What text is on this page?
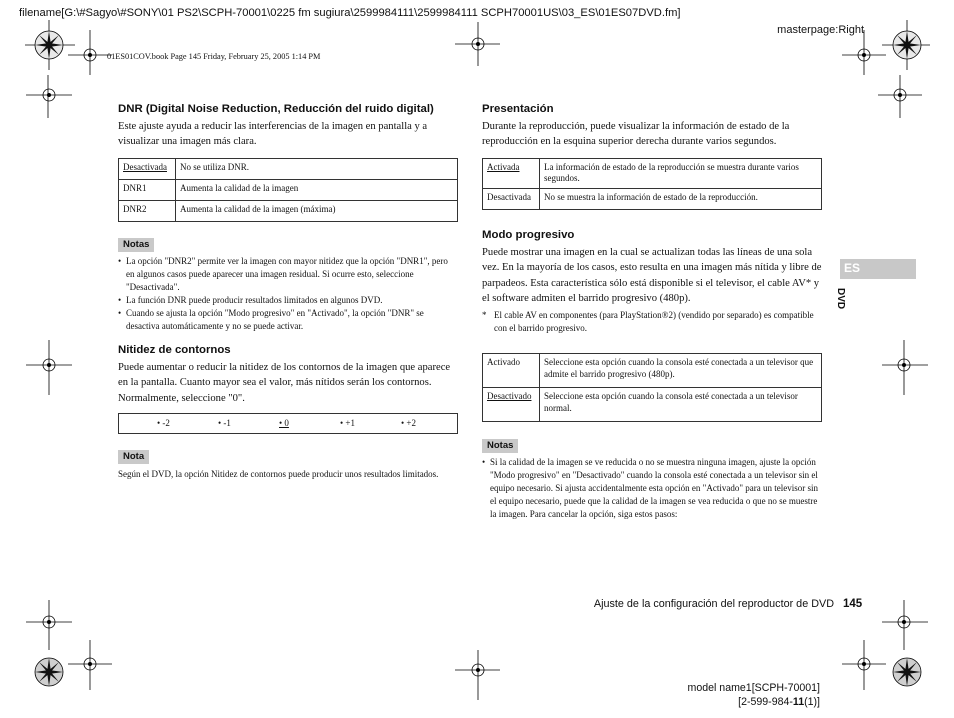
filename[G:\#Sagyo\#SONY\01 PS2\SCPH-70001\0225 fm sugiura\2599984111\2599984111 SCPH70001US\03_ES\01ES07DVD.fm]
masterpage:Right
01ES01COV.book Page 145 Friday, February 25, 2005 1:14 PM
DNR (Digital Noise Reduction, Reducción del ruido digital)

Este ajuste ayuda a reducir las interferencias de la imagen en pantalla y a visualizar una imagen más clara.

Desactivada	No se utiliza DNR.
DNR1	Aumenta la calidad de la imagen
DNR2	Aumenta la calidad de la imagen (máxima)
Notas
• La opción "DNR2" permite ver la imagen con mayor nitidez que la opción "DNR1", pero en algunos casos puede aparecer una imagen residual. Si ocurre esto, seleccione "Desactivada".
• La función DNR puede producir resultados limitados en algunos DVD.
• Cuando se ajusta la opción "Modo progresivo" en "Activado", la opción "DNR" se desactiva automáticamente y no se puede activar.
Nitidez de contornos

Puede aumentar o reducir la nitidez de los contornos de la imagen que aparece en la pantalla. Cuanto mayor sea el valor, más nítidos serán los contornos. Normalmente, seleccione "0".

• -2	• -1	• 0	• +1	• +2
Nota

Según el DVD, la opción Nitidez de contornos puede producir unos resultados limitados.

Presentación

Durante la reproducción, puede visualizar la información de estado de la reproducción en la esquina superior derecha durante varios segundos.

Activada	La información de estado de la reproducción se muestra durante varios segundos.
Desactivada	No se muestra la información de estado de la reproducción.
Modo progresivo

Puede mostrar una imagen en la cual se actualizan todas las líneas de una sola vez. En la mayoría de los casos, esto resulta en una imagen más nítida y libre de parpadeos. Esta característica sólo está disponible si el televisor, el cable AV* y el software admiten el barrido progresivo (480p).

* El cable AV en componentes (para PlayStation®2) (vendido por separado) es compatible con el barrido progresivo.
Activado	Seleccione esta opción cuando la consola esté conectada a un televisor que admite el barrido progresivo (480p).
Desactivado	Seleccione esta opción cuando la consola esté conectada a un televisor normal.
Notas
• Si la calidad de la imagen se ve reducida o no se muestra ninguna imagen, ajuste la opción "Modo progresivo" en "Desactivado" cuando la consola esté conectada a un televisor sin el equipo necesario. Si ajusta accidentalmente esta opción en "Activado" para un televisor sin el equipo necesario, puede que la calidad de la imagen se vea reducida o que no se muestre la imagen. Para cancelar la opción, siga estos pasos:
ES
DVD
Ajuste de la configuración del reproductor de DVD 145
model name1[SCPH-70001]
[2-599-984-11(1)]
